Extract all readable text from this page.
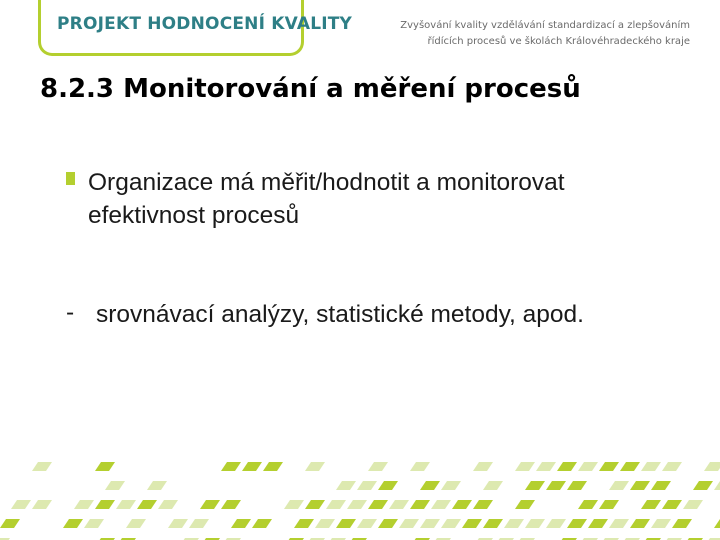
PROJEKT HODNOCENÍ KVALITY	Zvyšování kvality vzdělávání standardizací a zlepšováním
řídících procesů ve školách Královéhradeckého kraje
8.2.3 Monitorování a měření procesů

Organizace má měřit/hodnotit a monitorovat efektivnost procesů

- srovnávací analýzy, statistické metody, apod.
